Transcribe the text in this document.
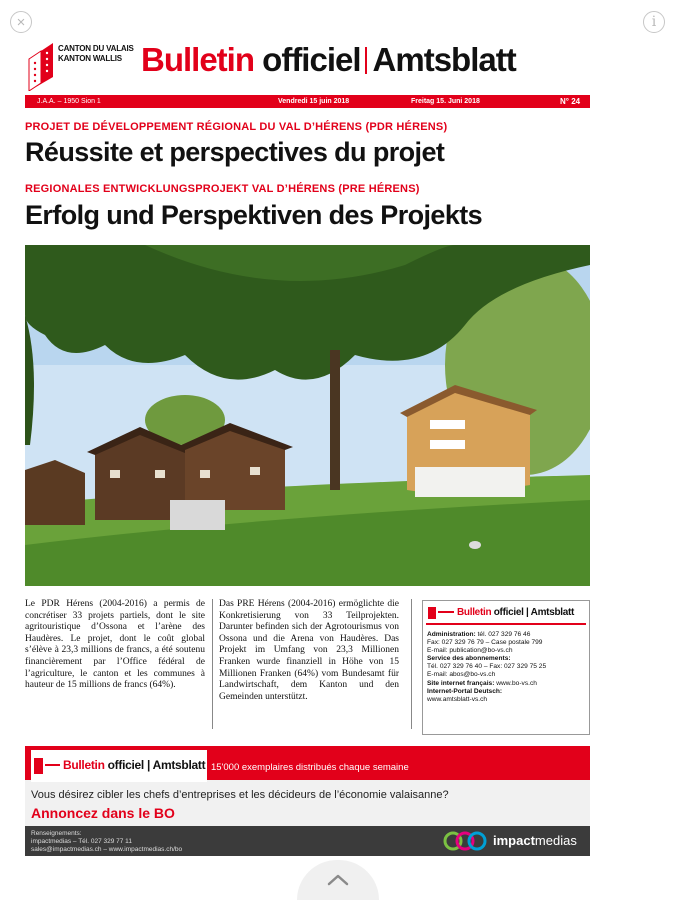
×	i
CANTON DU VALAIS
KANTON WALLIS Bulletin officiel Amtsblatt
J.A.A. – 1950 Sion 1	Vendredi 15 juin 2018	Freitag 15. Juni 2018	N° 24
PROJET DE DÉVELOPPEMENT RÉGIONAL DU VAL D’HÉRENS (PDR HÉRENS)
Réussite et perspectives du projet
REGIONALES ENTWICKLUNGSPROJEKT VAL D’HÉRENS (PRE HÉRENS)
Erfolg und Perspektiven des Projekts
Le PDR Hérens (2004-2016) a permis de concrétiser 33 projets partiels, dont le site agritouristique d’Ossona et l’arène des Haudères. Le projet, dont le coût global s’élève à 23,3 millions de francs, a été soutenu financièrement par l’Office fédéral de l’agriculture, le canton et les communes à hauteur de 15 millions de francs (64%).
Das PRE Hérens (2004-2016) ermöglichte die Konkretisierung von 33 Teilprojekten. Darunter befinden sich der Agrotourismus von Ossona und die Arena von Haudères. Das Projekt im Umfang von 23,3 Millionen Franken wurde finanziell in Höhe von 15 Millionen Franken (64%) vom Bundesamt für Landwirtschaft, dem Kanton und den Gemeinden unterstützt.
Bulletin officiel | Amtsblatt
Administration: tél. 027 329 76 46
Fax: 027 329 76 79 – Case postale 799
E-mail: publication@bo-vs.ch
Service des abonnements:
Tél. 027 329 76 40 – Fax: 027 329 75 25
E-mail: abos@bo-vs.ch
Site internet français: www.bo-vs.ch
Internet-Portal Deutsch:
www.amtsblatt-vs.ch
Bulletin officiel | Amtsblatt 15'000 exemplaires distribués chaque semaine
Vous désirez cibler les chefs d’entreprises et les décideurs de l’économie valaisanne?
Annoncez dans le BO
Renseignements:
impactmedias – Tél. 027 329 77 11
sales@impactmedias.ch – www.impactmedias.ch/bo
impactmedias
